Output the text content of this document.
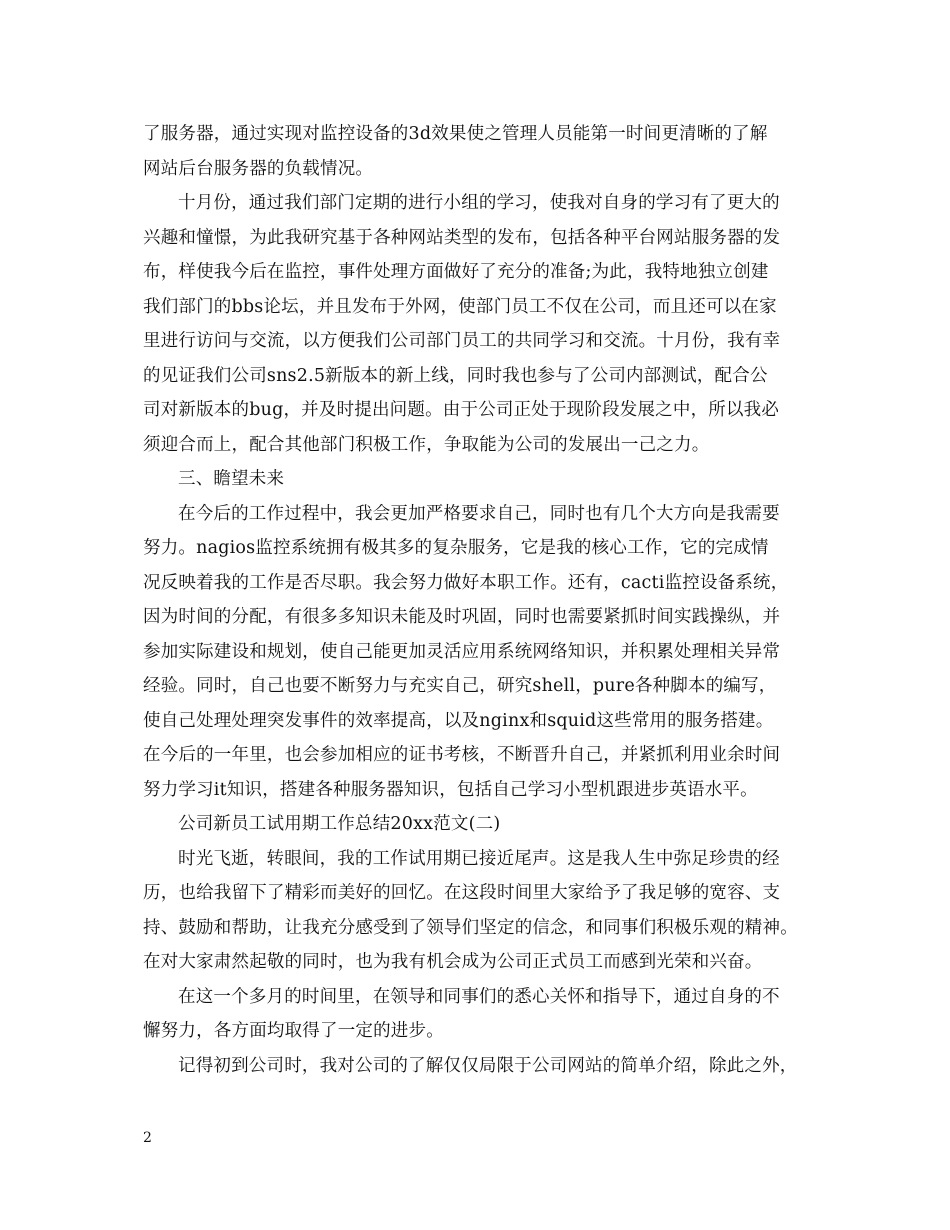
了服务器，通过实现对监控设备的3d效果使之管理人员能第一时间更清晰的了解
网站后台服务器的负载情况。
十月份，通过我们部门定期的进行小组的学习，使我对自身的学习有了更大的
兴趣和憧憬，为此我研究基于各种网站类型的发布，包括各种平台网站服务器的发
布，样使我今后在监控，事件处理方面做好了充分的准备;为此，我特地独立创建
我们部门的bbs论坛，并且发布于外网，使部门员工不仅在公司，而且还可以在家
里进行访问与交流，以方便我们公司部门员工的共同学习和交流。十月份，我有幸
的见证我们公司sns2.5新版本的新上线，同时我也参与了公司内部测试，配合公
司对新版本的bug，并及时提出问题。由于公司正处于现阶段发展之中，所以我必
须迎合而上，配合其他部门积极工作，争取能为公司的发展出一己之力。
三、瞻望未来
在今后的工作过程中，我会更加严格要求自己，同时也有几个大方向是我需要
努力。nagios监控系统拥有极其多的复杂服务，它是我的核心工作，它的完成情
况反映着我的工作是否尽职。我会努力做好本职工作。还有，cacti监控设备系统，
因为时间的分配，有很多多知识未能及时巩固，同时也需要紧抓时间实践操纵，并
参加实际建设和规划，使自己能更加灵活应用系统网络知识，并积累处理相关异常
经验。同时，自己也要不断努力与充实自己，研究shell，pure各种脚本的编写，
使自己处理处理突发事件的效率提高，以及nginx和squid这些常用的服务搭建。
在今后的一年里，也会参加相应的证书考核，不断晋升自己，并紧抓利用业余时间
努力学习it知识，搭建各种服务器知识，包括自己学习小型机跟进步英语水平。
公司新员工试用期工作总结20xx范文(二)
时光飞逝，转眼间，我的工作试用期已接近尾声。这是我人生中弥足珍贵的经
历，也给我留下了精彩而美好的回忆。在这段时间里大家给予了我足够的宽容、支
持、鼓励和帮助，让我充分感受到了领导们坚定的信念，和同事们积极乐观的精神。
在对大家肃然起敬的同时，也为我有机会成为公司正式员工而感到光荣和兴奋。
在这一个多月的时间里，在领导和同事们的悉心关怀和指导下，通过自身的不
懈努力，各方面均取得了一定的进步。
记得初到公司时，我对公司的了解仅仅局限于公司网站的简单介绍，除此之外，
2
